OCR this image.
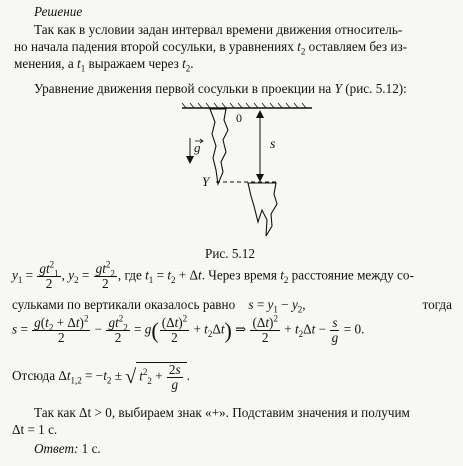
Решение
Так как в условии задан интервал времени движения относитель-
но начала падения второй сосульки, в уравнениях $t_2$ оставляем без из-
менения, а $t_1$ выражаем через $t_2$.
Уравнение движения первой сосульки в проекции на Y (рис. 5.12):
0
g	s
Y
Рис. 5.12
$y_1 = \frac{gt^2_1}{2}$ , $y_2 = \frac{gt^2_2}{2}$ , где $t_1 = t_2 + \Delta t$. Через время $t_2$ расстояние между со-
сульками по вертикали оказалось равно $s = y_1 - y_2$,	тогда
$s = \frac{g(t_2 + \Delta t)^2}{2} - \frac{gt^2_2}{2} = g( \frac{(\Delta t)^2}{2} + t_2\Delta t)$ ⇒ $\frac{(\Delta t)^2}{2} + t_2\Delta t - \frac{s}{g} = 0$.
Отсюда $\Delta t_{1,2} = -t_2$ ± √ $t^2_2 + \frac{2s}{g}$ .
Так как Δt > 0, выбираем знак «+». Подставим значения и получим
Δt = 1 с.
Ответ: 1 с.
